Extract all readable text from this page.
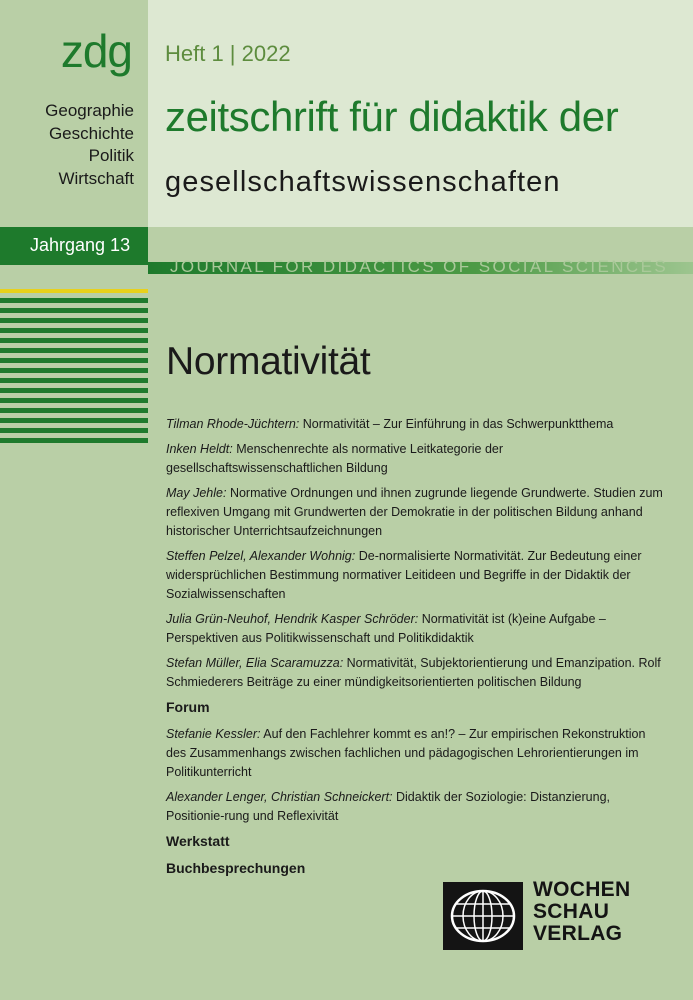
zdg
Geographie
Geschichte
Politik
Wirtschaft
Heft 1 | 2022
zeitschrift für didaktik der
gesellschaftswissenschaften
Jahrgang 13
JOURNAL FOR DIDACTICS OF SOCIAL SCIENCES
Normativität
Tilman Rhode-Jüchtern: Normativität – Zur Einführung in das Schwerpunktthema
Inken Heldt: Menschenrechte als normative Leitkategorie der gesellschaftswissenschaftlichen Bildung
May Jehle: Normative Ordnungen und ihnen zugrunde liegende Grundwerte. Studien zum reflexiven Umgang mit Grundwerten der Demokratie in der politischen Bildung anhand historischer Unterrichtsaufzeichnungen
Steffen Pelzel, Alexander Wohnig: De-normalisierte Normativität. Zur Bedeutung einer widersprüchlichen Bestimmung normativer Leitideen und Begriffe in der Didaktik der Sozialwissenschaften
Julia Grün-Neuhof, Hendrik Kasper Schröder: Normativität ist (k)eine Aufgabe – Perspektiven aus Politikwissenschaft und Politikdidaktik
Stefan Müller, Elia Scaramuzza: Normativität, Subjektorientierung und Emanzipation. Rolf Schmiederers Beiträge zu einer mündigkeitsorientierten politischen Bildung
Forum
Stefanie Kessler: Auf den Fachlehrer kommt es an!? – Zur empirischen Rekonstruktion des Zusammenhangs zwischen fachlichen und pädagogischen Lehrorientierungen im Politikunterricht
Alexander Lenger, Christian Schneickert: Didaktik der Soziologie: Distanzierung, Positionie-rung und Reflexivität
Werkstatt
Buchbesprechungen
WOCHEN
SCHAU
VERLAG
